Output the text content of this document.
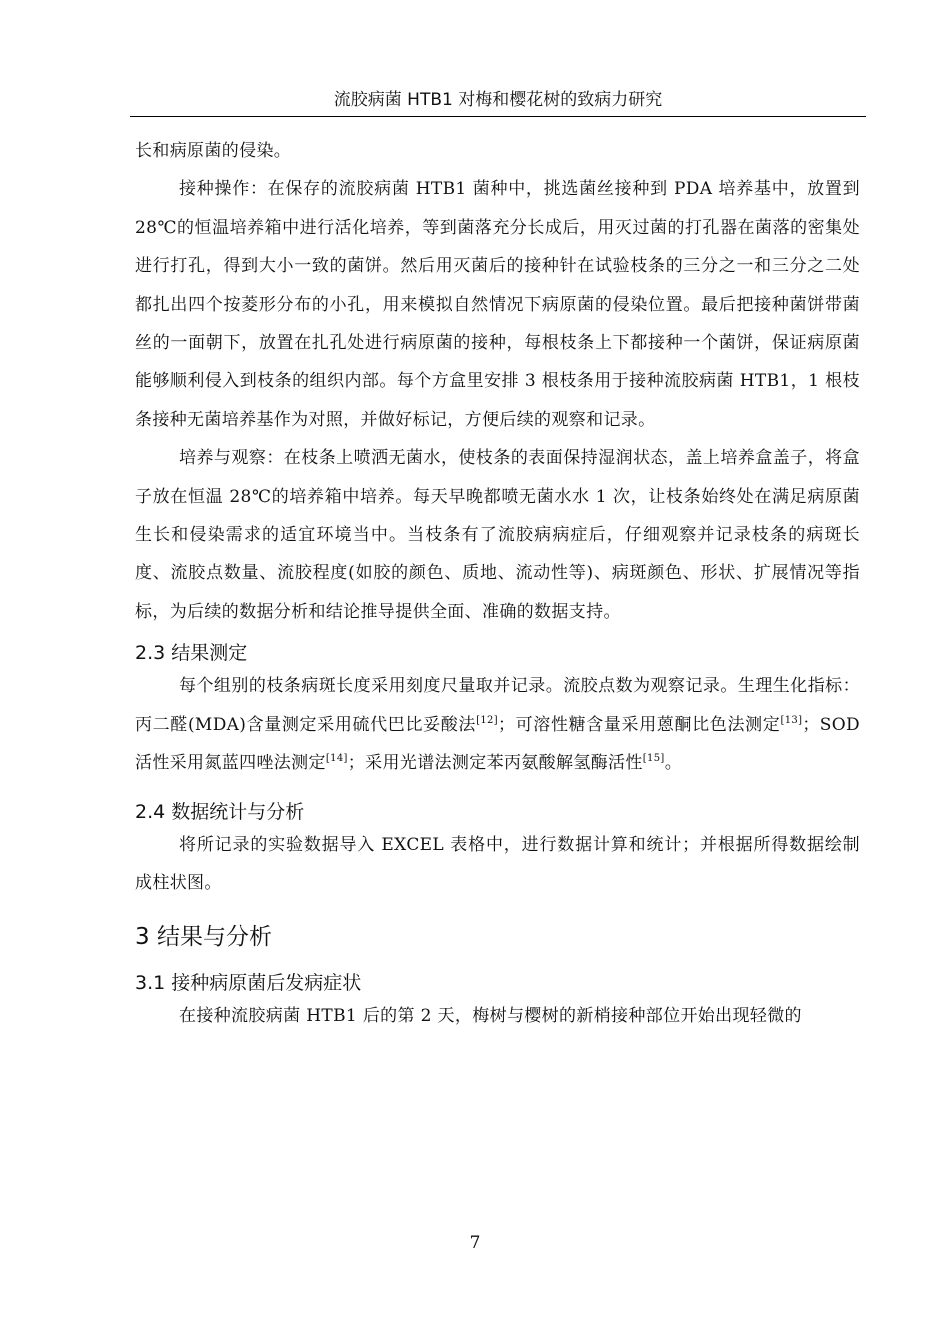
流胶病菌 HTB1 对梅和樱花树的致病力研究

长和病原菌的侵染。

接种操作：在保存的流胶病菌 HTB1 菌种中，挑选菌丝接种到 PDA 培养基中，放置到 28℃的恒温培养箱中进行活化培养，等到菌落充分长成后，用灭过菌的打孔器在菌落的密集处进行打孔，得到大小一致的菌饼。然后用灭菌后的接种针在试验枝条的三分之一和三分之二处都扎出四个按菱形分布的小孔，用来模拟自然情况下病原菌的侵染位置。最后把接种菌饼带菌丝的一面朝下，放置在扎孔处进行病原菌的接种，每根枝条上下都接种一个菌饼，保证病原菌能够顺利侵入到枝条的组织内部。每个方盒里安排 3 根枝条用于接种流胶病菌 HTB1，1 根枝条接种无菌培养基作为对照，并做好标记，方便后续的观察和记录。

培养与观察：在枝条上喷洒无菌水，使枝条的表面保持湿润状态，盖上培养盒盖子，将盒子放在恒温 28℃的培养箱中培养。每天早晚都喷无菌水水 1 次，让枝条始终处在满足病原菌生长和侵染需求的适宜环境当中。当枝条有了流胶病病症后，仔细观察并记录枝条的病斑长度、流胶点数量、流胶程度(如胶的颜色、质地、流动性等)、病斑颜色、形状、扩展情况等指标，为后续的数据分析和结论推导提供全面、准确的数据支持。

2.3 结果测定

每个组别的枝条病斑长度采用刻度尺量取并记录。流胶点数为观察记录。生理生化指标：丙二醛(MDA)含量测定采用硫代巴比妥酸法[12]；可溶性糖含量采用蒽酮比色法测定[13]；SOD 活性采用氮蓝四唑法测定[14]；采用光谱法测定苯丙氨酸解氢酶活性[15]。

2.4 数据统计与分析

将所记录的实验数据导入 EXCEL 表格中，进行数据计算和统计；并根据所得数据绘制成柱状图。

3 结果与分析
3.1 接种病原菌后发病症状

在接种流胶病菌 HTB1 后的第 2 天，梅树与樱树的新梢接种部位开始出现轻微的

7
